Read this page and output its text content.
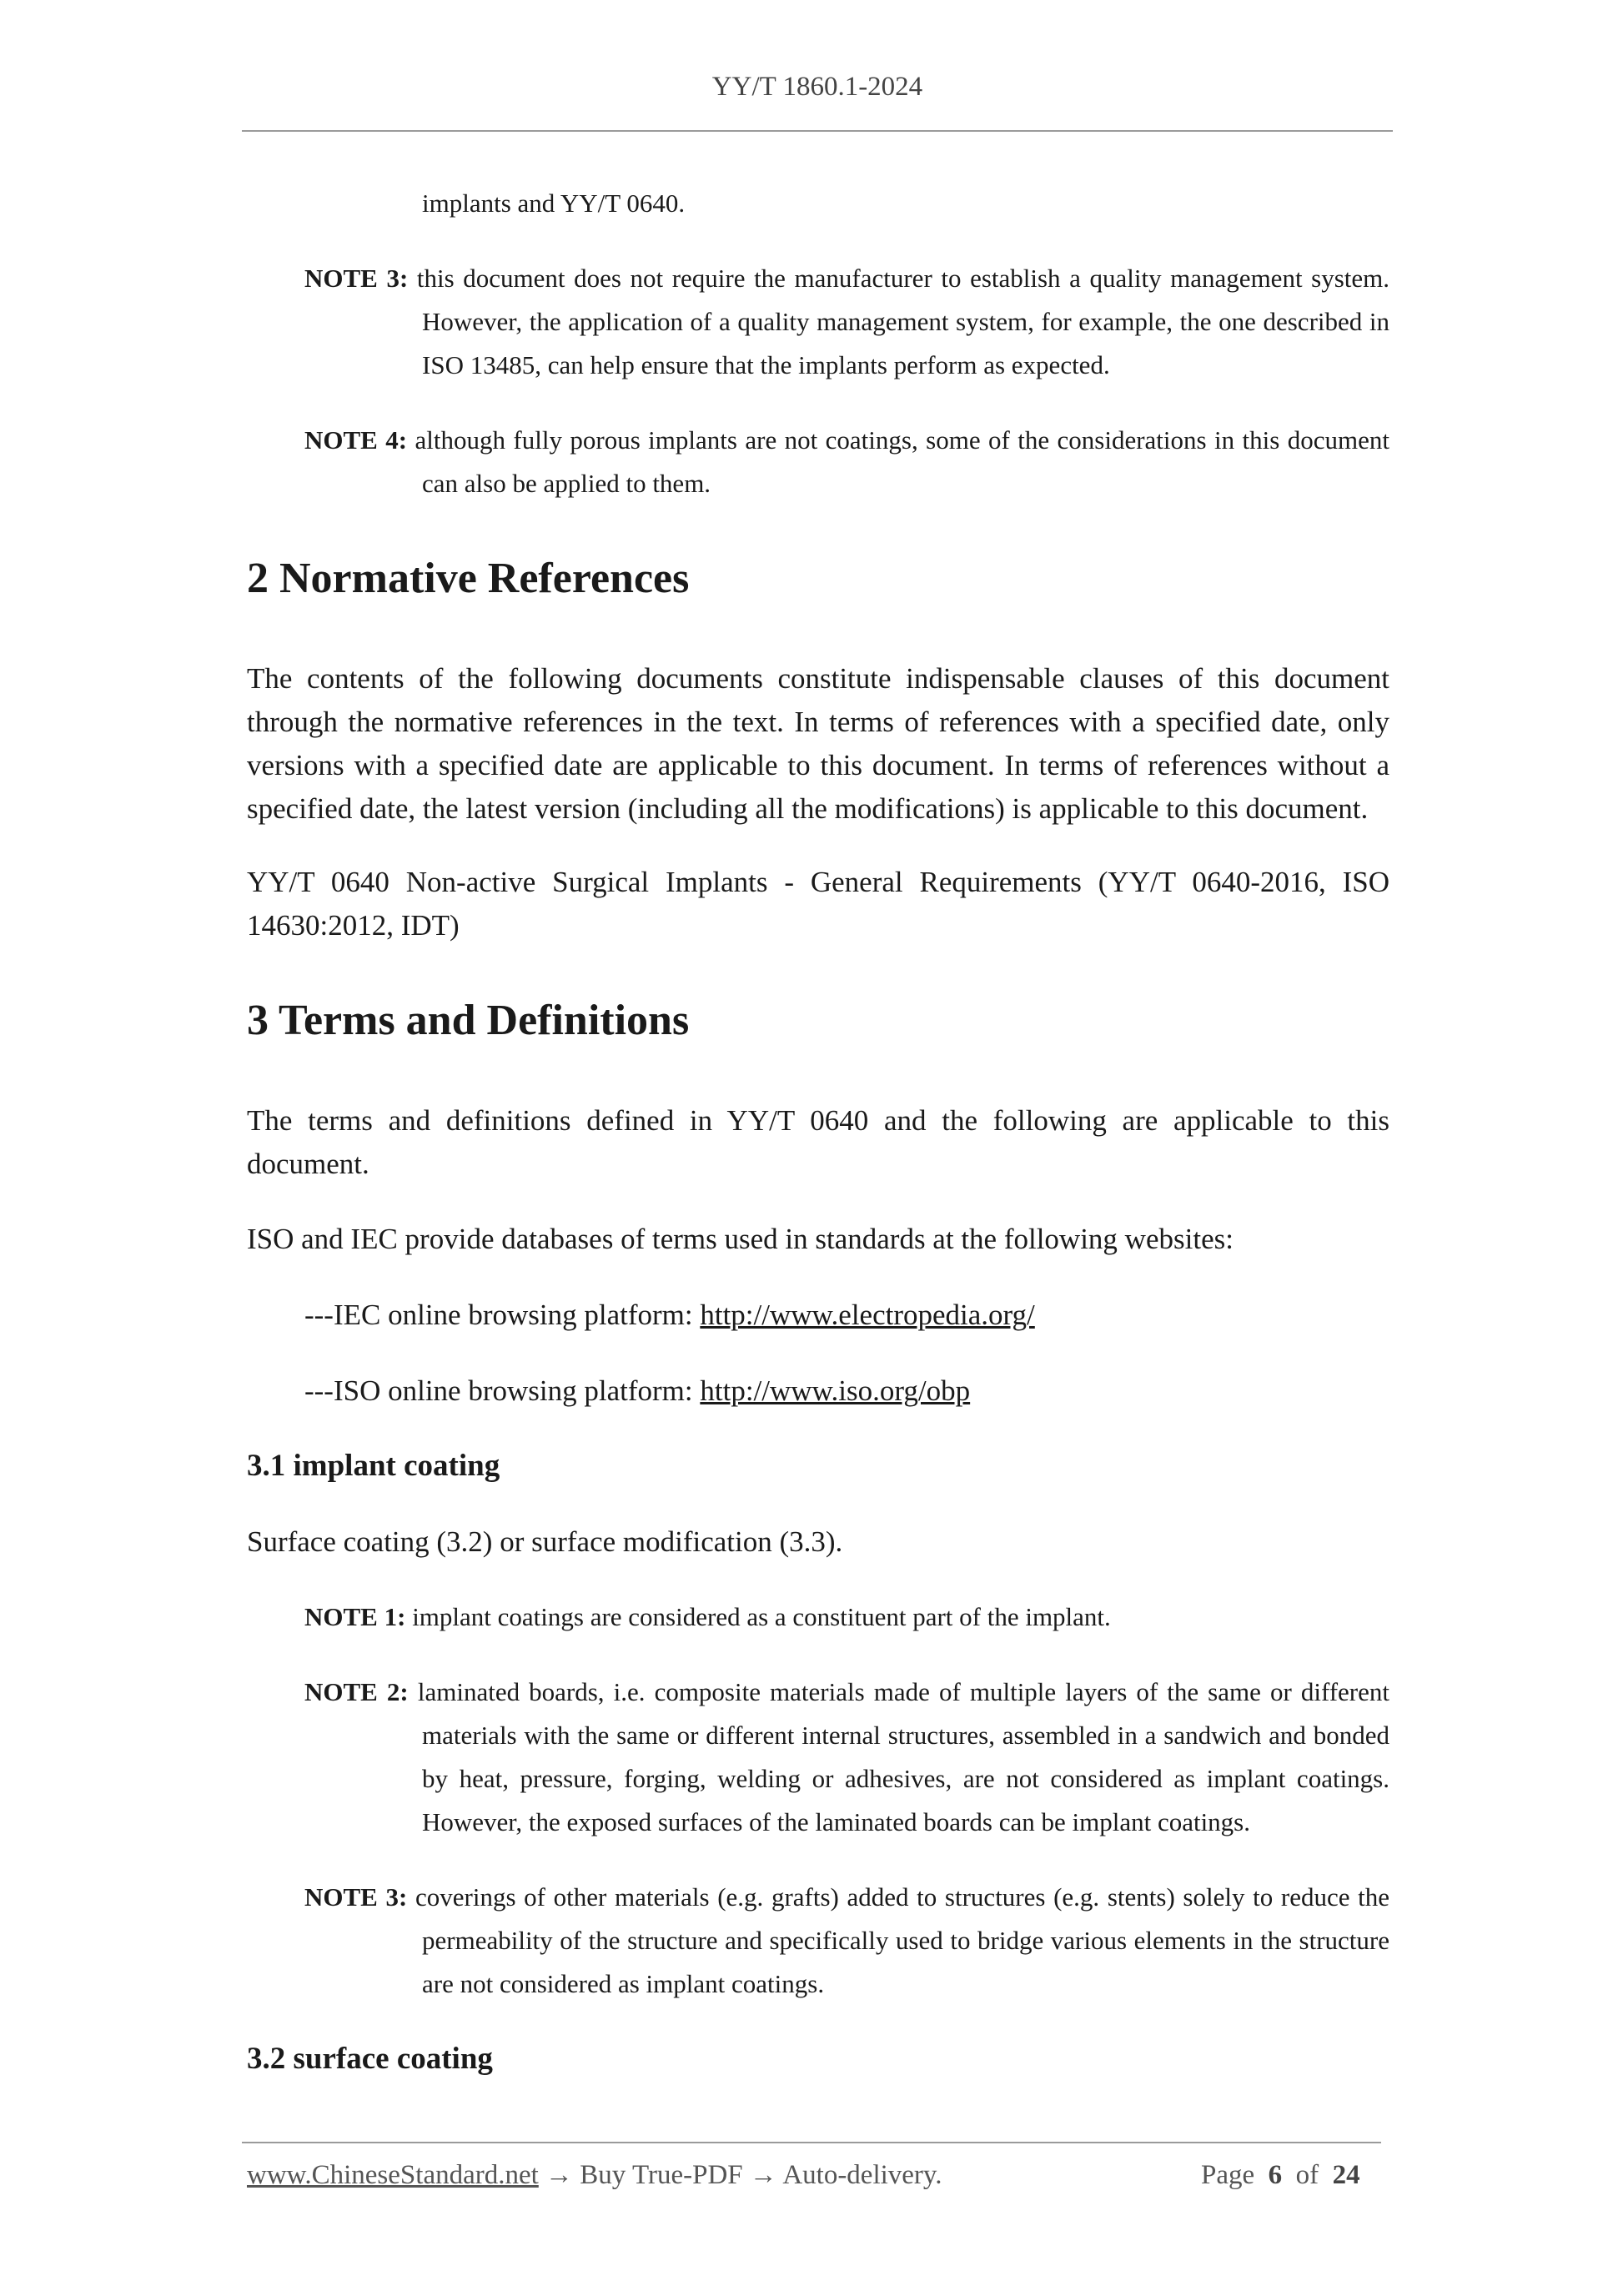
YY/T 1860.1-2024

implants and YY/T 0640.

NOTE 3: this document does not require the manufacturer to establish a quality management system. However, the application of a quality management system, for example, the one described in ISO 13485, can help ensure that the implants perform as expected.

NOTE 4: although fully porous implants are not coatings, some of the considerations in this document can also be applied to them.

2 Normative References

The contents of the following documents constitute indispensable clauses of this document through the normative references in the text. In terms of references with a specified date, only versions with a specified date are applicable to this document. In terms of references without a specified date, the latest version (including all the modifications) is applicable to this document.

YY/T 0640 Non-active Surgical Implants - General Requirements (YY/T 0640-2016, ISO 14630:2012, IDT)

3 Terms and Definitions

The terms and definitions defined in YY/T 0640 and the following are applicable to this document.

ISO and IEC provide databases of terms used in standards at the following websites:

---IEC online browsing platform: http://www.electropedia.org/

---ISO online browsing platform: http://www.iso.org/obp

3.1 implant coating

Surface coating (3.2) or surface modification (3.3).

NOTE 1: implant coatings are considered as a constituent part of the implant.

NOTE 2: laminated boards, i.e. composite materials made of multiple layers of the same or different materials with the same or different internal structures, assembled in a sandwich and bonded by heat, pressure, forging, welding or adhesives, are not considered as implant coatings. However, the exposed surfaces of the laminated boards can be implant coatings.

NOTE 3: coverings of other materials (e.g. grafts) added to structures (e.g. stents) solely to reduce the permeability of the structure and specifically used to bridge various elements in the structure are not considered as implant coatings.

3.2 surface coating
www.ChineseStandard.net → Buy True-PDF → Auto-delivery.	Page 6 of 24
